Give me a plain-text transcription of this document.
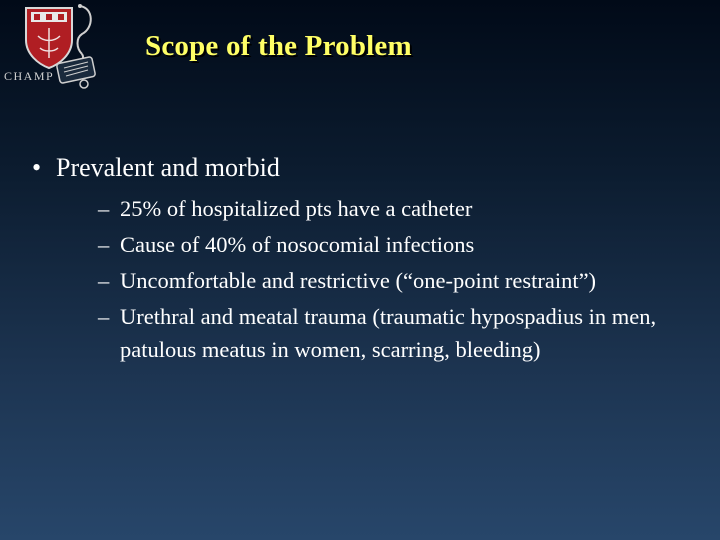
CHAMP
Scope of the Problem
• Prevalent and morbid
– 25% of hospitalized pts have a catheter
– Cause of 40% of nosocomial infections
– Uncomfortable and restrictive (“one-point restraint”)
– Urethral and meatal trauma (traumatic hypospadius in men, patulous meatus in women, scarring, bleeding)
